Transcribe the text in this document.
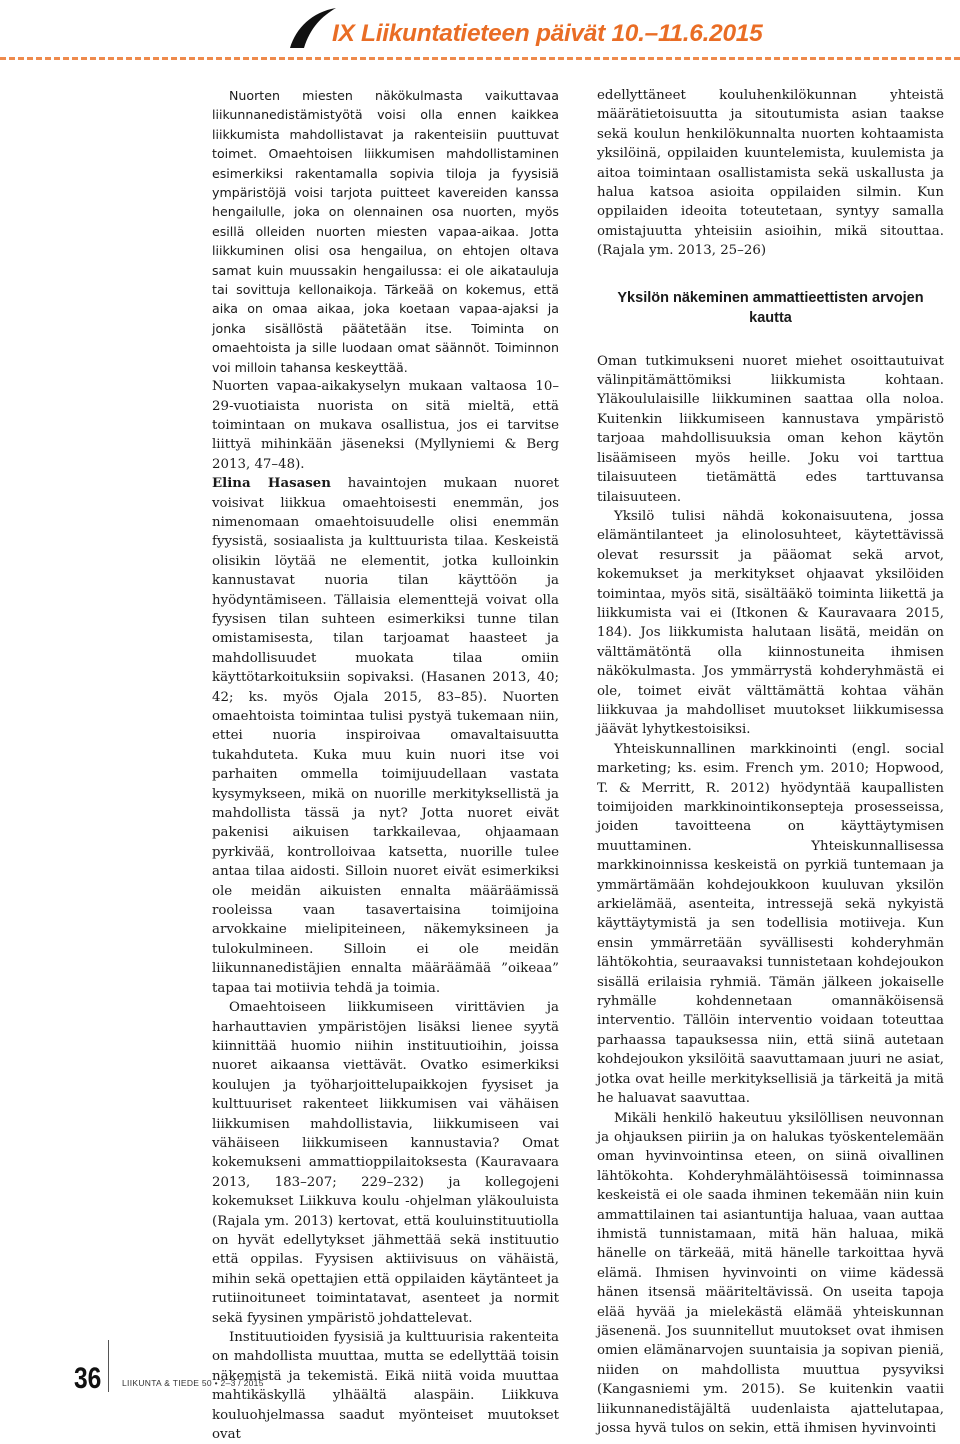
IX Liikuntatieteen päivät 10.–11.6.2015

Nuorten miesten näkökulmasta vaikuttavaa liikunnanedistämistyötä voisi olla ennen kaikkea liikkumista mahdollistavat ja rakenteisiin puuttuvat toimet. Omaehtoisen liikkumisen mahdollistaminen esimerkiksi rakentamalla sopivia tiloja ja fyysisiä ympäristöjä voisi tarjota puitteet kavereiden kanssa hengailulle, joka on olennainen osa nuorten, myös esillä olleiden nuorten miesten vapaa-aikaa. Jotta liikkuminen olisi osa hengailua, on ehtojen oltava samat kuin muussakin hengailussa: ei ole aikatauluja tai sovittuja kellonaikoja. Tärkeää on kokemus, että aika on omaa aikaa, joka koetaan vapaa-ajaksi ja jonka sisällöstä päätetään itse. Toiminta on omaehtoista ja sille luodaan omat säännöt. Toiminnon voi milloin tahansa keskeyttää.

Nuorten vapaa-aikakyselyn mukaan valtaosa 10–29-vuotiaista nuorista on sitä mieltä, että toimintaan on mukava osallistua, jos ei tarvitse liittyä mihinkään jäseneksi (Myllyniemi & Berg 2013, 47–48).

Elina Hasasen havaintojen mukaan nuoret voisivat liikkua omaehtoisesti enemmän, jos nimenomaan omaehtoisuudelle olisi enemmän fyysistä, sosiaalista ja kulttuurista tilaa. Keskeistä olisikin löytää ne elementit, jotka kulloinkin kannustavat nuoria tilan käyttöön ja hyödyntämiseen. Tällaisia elementtejä voivat olla fyysisen tilan suhteen esimerkiksi tunne tilan omistamisesta, tilan tarjoamat haasteet ja mahdollisuudet muokata tilaa omiin käyttötarkoituksiin sopivaksi. (Hasanen 2013, 40; 42; ks. myös Ojala 2015, 83–85). Nuorten omaehtoista toimintaa tulisi pystyä tukemaan niin, ettei nuoria inspiroivaa omavaltaisuutta tukahduteta. Kuka muu kuin nuori itse voi parhaiten ommella toimijuudellaan vastata kysymykseen, mikä on nuorille merkityksellistä ja mahdollista tässä ja nyt? Jotta nuoret eivät pakenisi aikuisen tarkkailevaa, ohjaamaan pyrkivää, kontrolloivaa katsetta, nuorille tulee antaa tilaa aidosti. Silloin nuoret eivät esimerkiksi ole meidän aikuisten ennalta määräämissä rooleissa vaan tasavertaisina toimijoina arvokkaine mielipiteineen, näkemyksineen ja tulokulmineen. Silloin ei ole meidän liikunnanedistäjien ennalta määräämää ”oikeaa” tapaa tai motiivia tehdä ja toimia.

Omaehtoiseen liikkumiseen virittävien ja harhauttavien ympäristöjen lisäksi lienee syytä kiinnittää huomio niihin instituutioihin, joissa nuoret aikaansa viettävät. Ovatko esimerkiksi koulujen ja työharjoittelupaikkojen fyysiset ja kulttuuriset rakenteet liikkumisen vai vähäisen liikkumisen mahdollistavia, liikkumiseen vai vähäiseen liikkumiseen kannustavia? Omat kokemukseni ammattioppilaitoksesta (Kauravaara 2013, 183–207; 229–232) ja kollegojeni kokemukset Liikkuva koulu -ohjelman yläkouluista (Rajala ym. 2013) kertovat, että kouluinstituutiolla on hyvät edellytykset jähmettää sekä instituutio että oppilas. Fyysisen aktiivisuus on vähäistä, mihin sekä opettajien että oppilaiden käytänteet ja rutiinoituneet toimintatavat, asenteet ja normit sekä fyysinen ympäristö johdattelevat.

Instituutioiden fyysisiä ja kulttuurisia rakenteita on mahdollista muuttaa, mutta se edellyttää toisin näkemistä ja tekemistä. Eikä niitä voida muuttaa mahtikäskyllä ylhäältä alaspäin. Liikkuva kouluohjelmassa saadut myönteiset muutokset ovat

edellyttäneet kouluhenkilökunnan yhteistä määrätietoisuutta ja sitoutumista asian taakse sekä koulun henkilökunnalta nuorten kohtaamista yksilöinä, oppilaiden kuuntelemista, kuulemista ja aitoa toimintaan osallistamista sekä uskallusta ja halua katsoa asioita oppilaiden silmin. Kun oppilaiden ideoita toteutetaan, syntyy samalla omistajuutta yhteisiin asioihin, mikä sitouttaa. (Rajala ym. 2013, 25–26)

Yksilön näkeminen ammattieettisten arvojen kautta

Oman tutkimukseni nuoret miehet osoittautuivat välinpitämättömiksi liikkumista kohtaan. Yläkoululaisille liikkuminen saattaa olla noloa. Kuitenkin liikkumiseen kannustava ympäristö tarjoaa mahdollisuuksia oman kehon käytön lisäämiseen myös heille. Joku voi tarttua tilaisuuteen tietämättä edes tarttuvansa tilaisuuteen.

Yksilö tulisi nähdä kokonaisuutena, jossa elämäntilanteet ja elinolosuhteet, käytettävissä olevat resurssit ja pääomat sekä arvot, kokemukset ja merkitykset ohjaavat yksilöiden toimintaa, myös sitä, sisältääkö toiminta liikettä ja liikkumista vai ei (Itkonen & Kauravaara 2015, 184). Jos liikkumista halutaan lisätä, meidän on välttämätöntä olla kiinnostuneita ihmisen näkökulmasta. Jos ymmärrystä kohderyhmästä ei ole, toimet eivät välttämättä kohtaa vähän liikkuvaa ja mahdolliset muutokset liikkumisessa jäävät lyhytkestoisiksi.

Yhteiskunnallinen markkinointi (engl. social marketing; ks. esim. French ym. 2010; Hopwood, T. & Merritt, R. 2012) hyödyntää kaupallisten toimijoiden markkinointikonsepteja prosesseissa, joiden tavoitteena on käyttäytymisen muuttaminen. Yhteiskunnallisessa markkinoinnissa keskeistä on pyrkiä tuntemaan ja ymmärtämään kohdejoukkoon kuuluvan yksilön arkielämää, asenteita, intressejä sekä nykyistä käyttäytymistä ja sen todellisia motiiveja. Kun ensin ymmärretään syvällisesti kohderyhmän lähtökohtia, seuraavaksi tunnistetaan kohdejoukon sisällä erilaisia ryhmiä. Tämän jälkeen jokaiselle ryhmälle kohdennetaan omannäköisensä interventio. Tällöin interventio voidaan toteuttaa parhaassa tapauksessa niin, että siinä autetaan kohdejoukon yksilöitä saavuttamaan juuri ne asiat, jotka ovat heille merkityksellisiä ja tärkeitä ja mitä he haluavat saavuttaa.

Mikäli henkilö hakeutuu yksilöllisen neuvonnan ja ohjauksen piiriin ja on halukas työskentelemään oman hyvinvointinsa eteen, on siinä oivallinen lähtökohta. Kohderyhmälähtöisessä toiminnassa keskeistä ei ole saada ihminen tekemään niin kuin ammattilainen tai asiantuntija haluaa, vaan auttaa ihmistä tunnistamaan, mitä hän haluaa, mikä hänelle on tärkeää, mitä hänelle tarkoittaa hyvä elämä. Ihmisen hyvinvointi on viime kädessä hänen itsensä määriteltävissä. On useita tapoja elää hyvää ja mielekästä elämää yhteiskunnan jäsenenä. Jos suunnitellut muutokset ovat ihmisen omien elämänarvojen suuntaisia ja sopivan pieniä, niiden on mahdollista muuttua pysyviksi (Kangasniemi ym. 2015). Se kuitenkin vaatii liikunnanedistäjältä uudenlaista ajattelutapaa, jossa hyvä tulos on sekin, että ihmisen hyvinvointi

36 LIIKUNTA & TIEDE 50 • 2–3 / 2015
